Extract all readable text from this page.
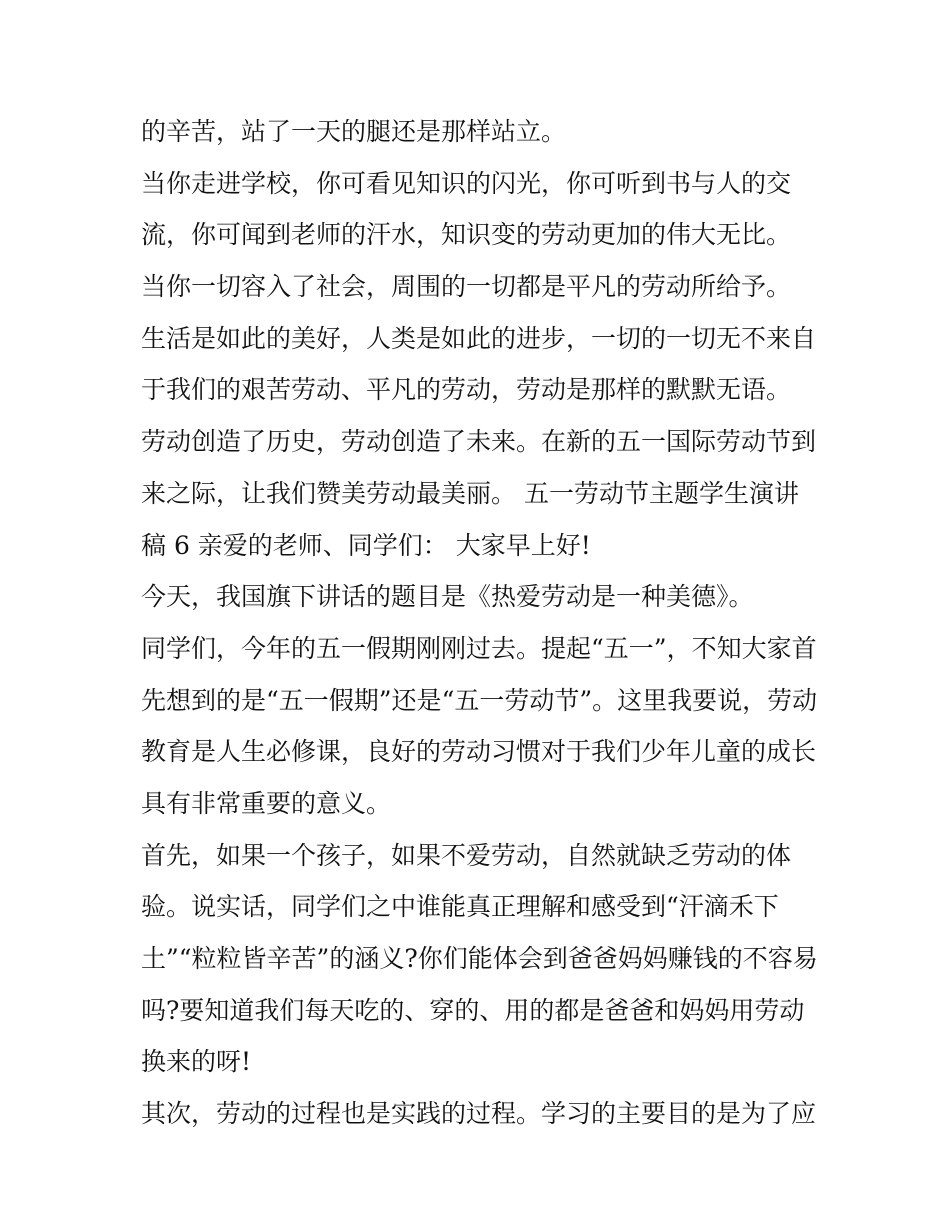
的辛苦，站了一天的腿还是那样站立。
当你走进学校，你可看见知识的闪光，你可听到书与人的交
流，你可闻到老师的汗水，知识变的劳动更加的伟大无比。
当你一切容入了社会，周围的一切都是平凡的劳动所给予。
生活是如此的美好，人类是如此的进步，一切的一切无不来自
于我们的艰苦劳动、平凡的劳动，劳动是那样的默默无语。
劳动创造了历史，劳动创造了未来。在新的五一国际劳动节到
来之际，让我们赞美劳动最美丽。 五一劳动节主题学生演讲
稿 6 亲爱的老师、同学们： 大家早上好!
今天，我国旗下讲话的题目是《热爱劳动是一种美德》。
同学们，今年的五一假期刚刚过去。提起“五一”，不知大家首
先想到的是“五一假期”还是“五一劳动节”。这里我要说，劳动
教育是人生必修课，良好的劳动习惯对于我们少年儿童的成长
具有非常重要的意义。
首先，如果一个孩子，如果不爱劳动，自然就缺乏劳动的体
验。说实话，同学们之中谁能真正理解和感受到“汗滴禾下
土”“粒粒皆辛苦”的涵义?你们能体会到爸爸妈妈赚钱的不容易
吗?要知道我们每天吃的、穿的、用的都是爸爸和妈妈用劳动
换来的呀!
其次，劳动的过程也是实践的过程。学习的主要目的是为了应
